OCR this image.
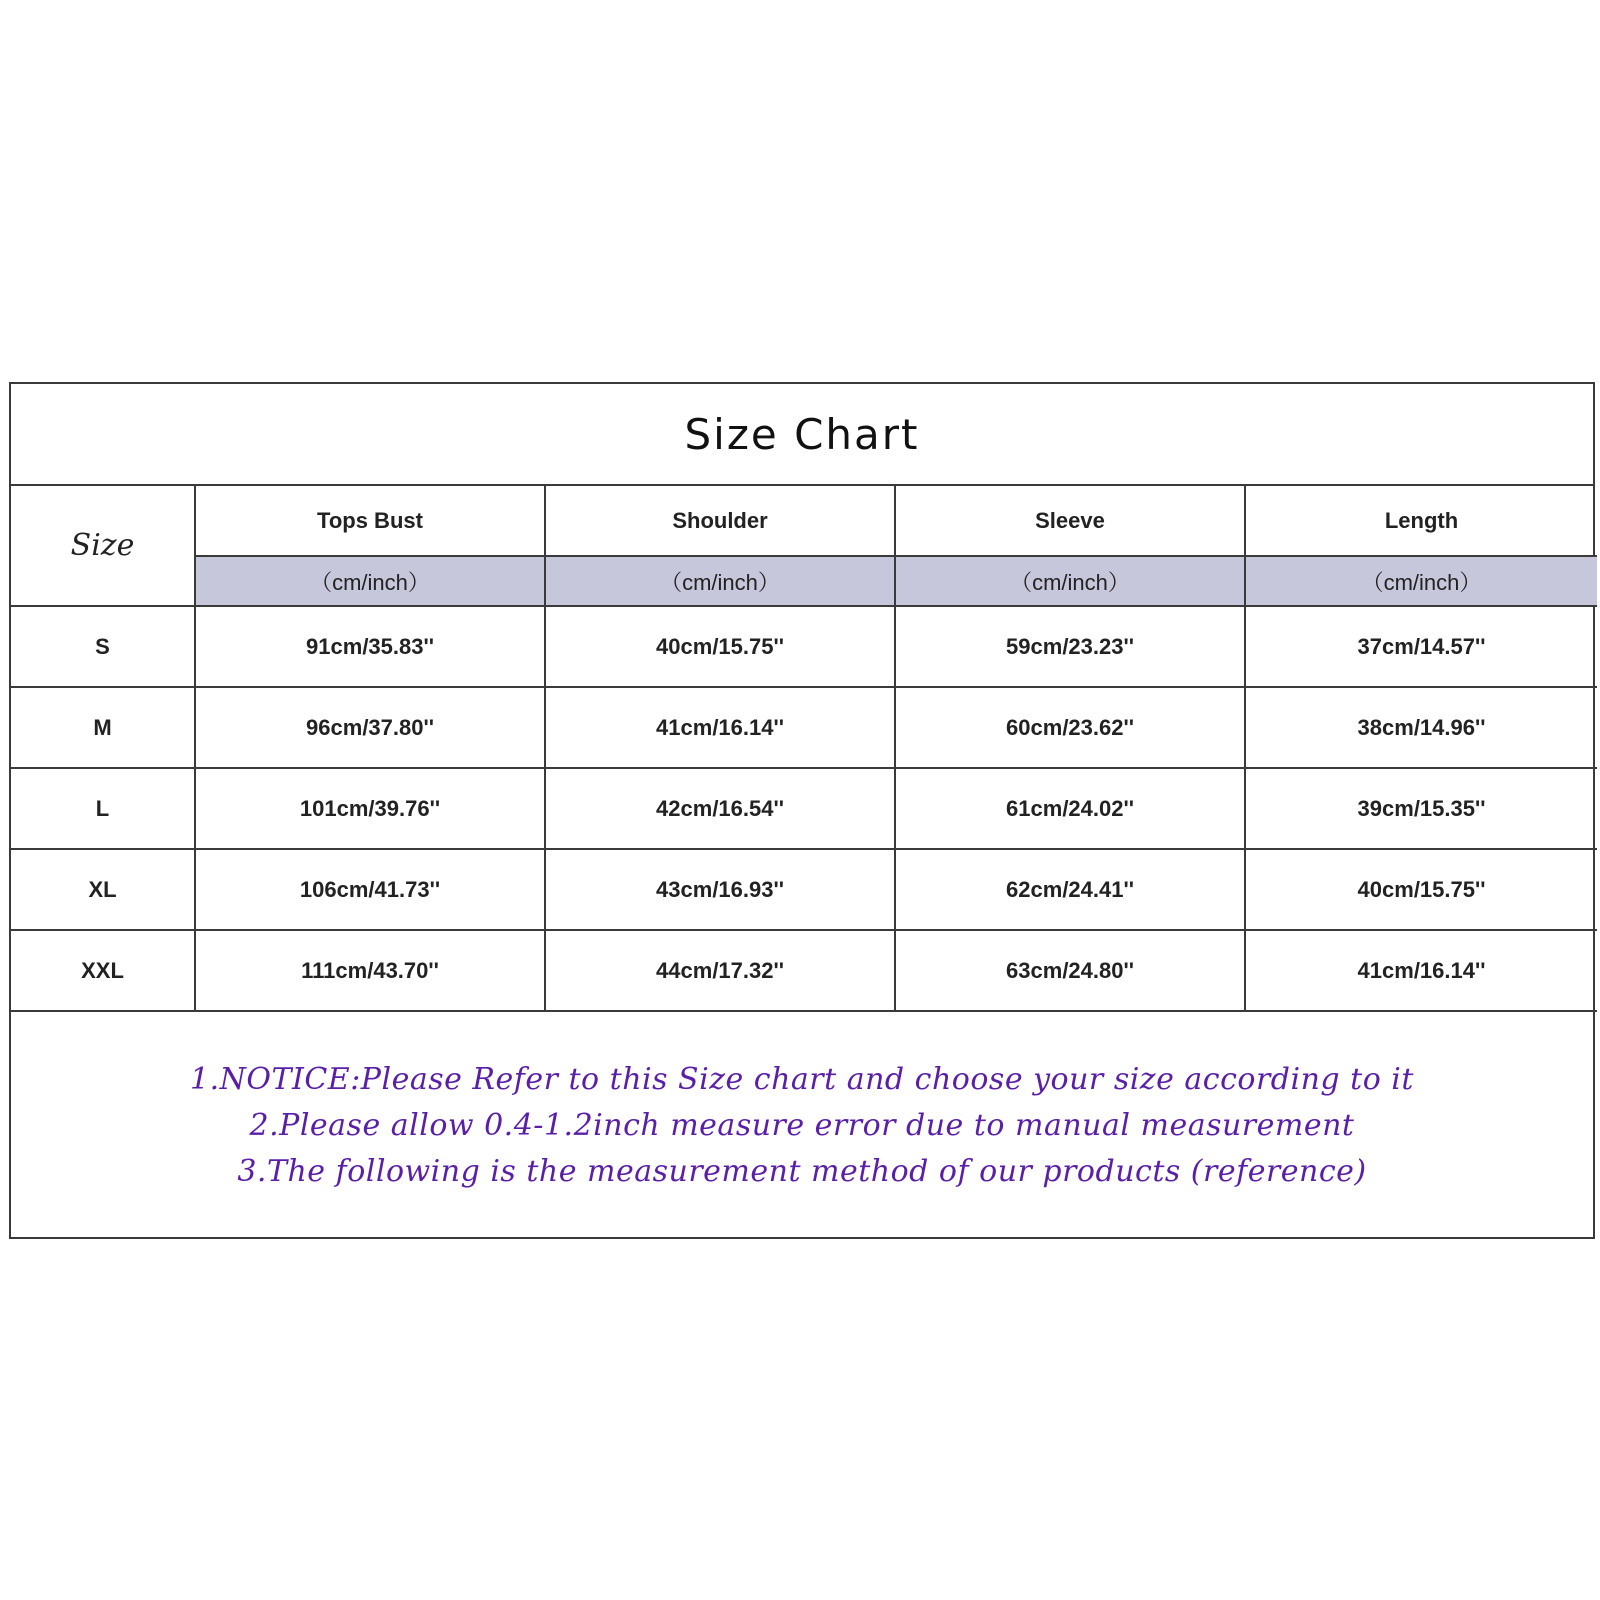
Size Chart
Size	Tops Bust	Shoulder	Sleeve	Length
	（cm/inch）	（cm/inch）	（cm/inch）	（cm/inch）
S	91cm/35.83''	40cm/15.75''	59cm/23.23''	37cm/14.57''
M	96cm/37.80''	41cm/16.14''	60cm/23.62''	38cm/14.96''
L	101cm/39.76''	42cm/16.54''	61cm/24.02''	39cm/15.35''
XL	106cm/41.73''	43cm/16.93''	62cm/24.41''	40cm/15.75''
XXL	111cm/43.70''	44cm/17.32''	63cm/24.80''	41cm/16.14''
1.NOTICE:Please Refer to this Size chart and choose your size according to it
2.Please allow 0.4-1.2inch measure error due to manual measurement
3.The following is the measurement method of our products (reference)
